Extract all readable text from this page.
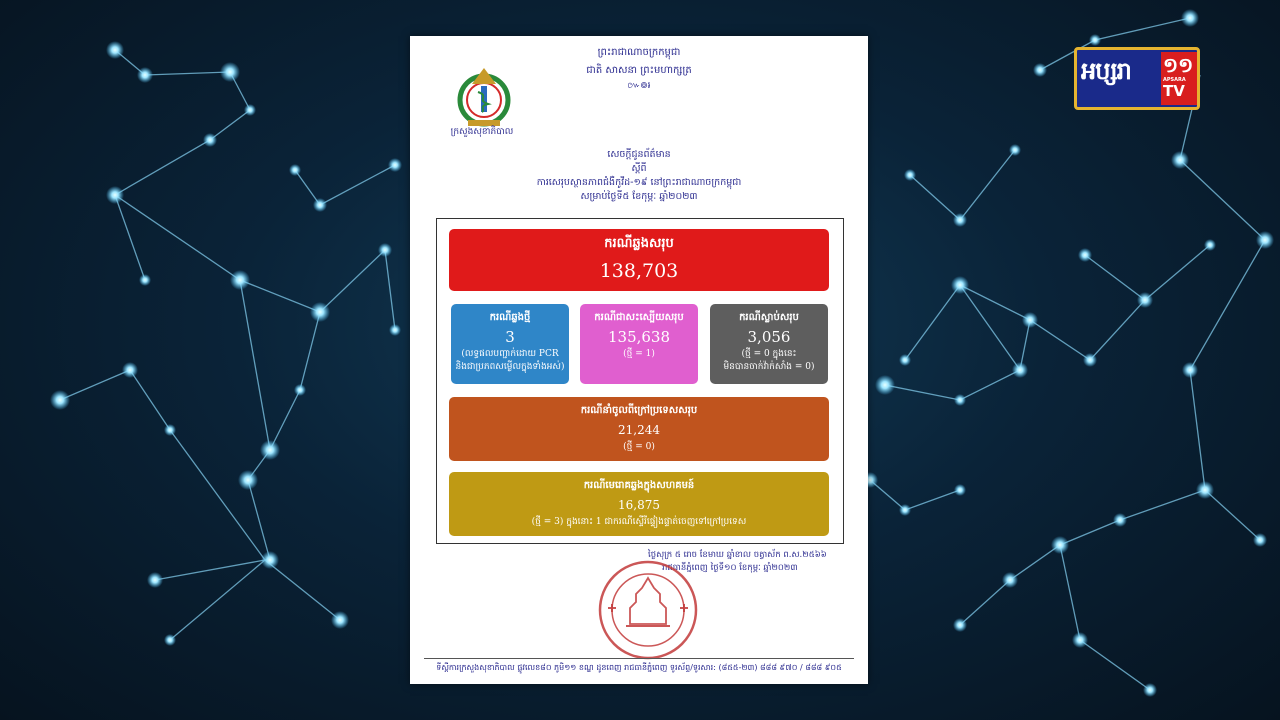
ព្រះរាជាណាចក្រកម្ពុជា
ជាតិ សាសនា ព្រះមហាក្សត្រ
៚៙៛
ក្រសួងសុខាភិបាល
សេចក្តីជូនព័ត៌មាន
ស្តីពី
ការសេរុបស្ថានភាពជំងឺកូវីដ-១៩ នៅព្រះរាជាណាចក្រកម្ពុជា
សម្រាប់ថ្ងៃទី៥ ខែកុម្ភៈ ឆ្នាំ២០២៣
ករណីឆ្លងសរុប
138,703
ករណីឆ្លងថ្មី
3
(លទ្ធផលបញ្ជាក់ដោយ PCR
និងជាប្រភពសម្ងើលក្នុងទាំងអស់)
ករណីជាសះស្បើយសរុប
135,638
(ថ្មី = 1)
ករណីស្លាប់សរុប
3,056
(ថ្មី = 0 ក្នុងនេះ
មិនបានចាក់វ៉ាក់សាំង = 0)
ករណីនាំចូលពីក្រៅប្រទេសសរុប
21,244
(ថ្មី = 0)
ករណីមេរោគឆ្លងក្នុងសហគមន៍
16,875
(ថ្មី = 3) ក្នុងនោះ 1 ជាករណីស្ទើរីផ្ទៀងផ្ទាត់ចេញទៅក្រៅប្រទេស
ថ្ងៃសុក្រ ៥ រោច ខែមាឃ ឆ្នាំខាល ចត្វាស័ក ព.ស.២៥៦៦
រាជធានីភ្នំពេញ ថ្ងៃទី១០ ខែកុម្ភៈ ឆ្នាំ២០២៣
ទីស្តីការក្រសួងសុខាភិបាល ផ្លូវលេខ៨០ ភូមិ១១ ខណ្ឌ ដូនពេញ រាជធានីភ្នំពេញ ទូរស័ព្ទ/ទូរសារ: (៨៥៥-២៣) ៨៨៨ ៩៧០ / ៨៨៨ ៩០៥
អប្សរា ១១
APSARA
TV
